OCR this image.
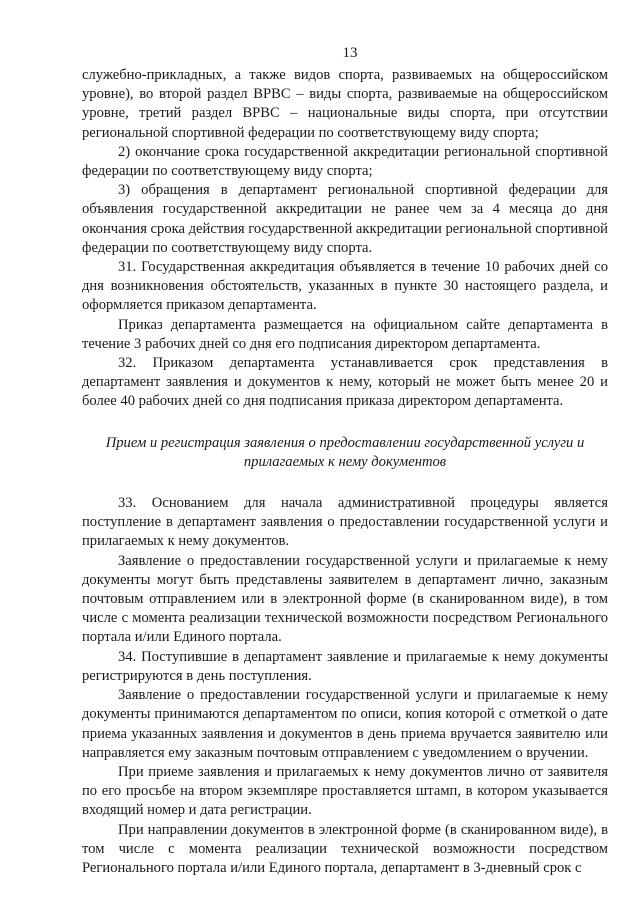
13

служебно-прикладных, а также видов спорта, развиваемых на общероссийском уровне), во второй раздел ВРВС – виды спорта, развиваемые на общероссийском уровне, третий раздел ВРВС – национальные виды спорта, при отсутствии региональной спортивной федерации по соответствующему виду спорта;

2) окончание срока государственной аккредитации региональной спортивной федерации по соответствующему виду спорта;

3) обращения в департамент региональной спортивной федерации для объявления государственной аккредитации не ранее чем за 4 месяца до дня окончания срока действия государственной аккредитации региональной спортивной федерации по соответствующему виду спорта.

31. Государственная аккредитация объявляется в течение 10 рабочих дней со дня возникновения обстоятельств, указанных в пункте 30 настоящего раздела, и оформляется приказом департамента.

Приказ департамента размещается на официальном сайте департамента в течение 3 рабочих дней со дня его подписания директором департамента.

32. Приказом департамента устанавливается срок представления в департамент заявления и документов к нему, который не может быть менее 20 и более 40 рабочих дней со дня подписания приказа директором департамента.

Прием и регистрация заявления о предоставлении государственной услуги и прилагаемых к нему документов

33. Основанием для начала административной процедуры является поступление в департамент заявления о предоставлении государственной услуги и прилагаемых к нему документов.

Заявление о предоставлении государственной услуги и прилагаемые к нему документы могут быть представлены заявителем в департамент лично, заказным почтовым отправлением или в электронной форме (в сканированном виде), в том числе с момента реализации технической возможности посредством Регионального портала и/или Единого портала.

34. Поступившие в департамент заявление и прилагаемые к нему документы регистрируются в день поступления.

Заявление о предоставлении государственной услуги и прилагаемые к нему документы принимаются департаментом по описи, копия которой с отметкой о дате приема указанных заявления и документов в день приема вручается заявителю или направляется ему заказным почтовым отправлением с уведомлением о вручении.

При приеме заявления и прилагаемых к нему документов лично от заявителя по его просьбе на втором экземпляре проставляется штамп, в котором указывается входящий номер и дата регистрации.

При направлении документов в электронной форме (в сканированном виде), в том числе с момента реализации технической возможности посредством Регионального портала и/или Единого портала, департамент в 3-дневный срок с
